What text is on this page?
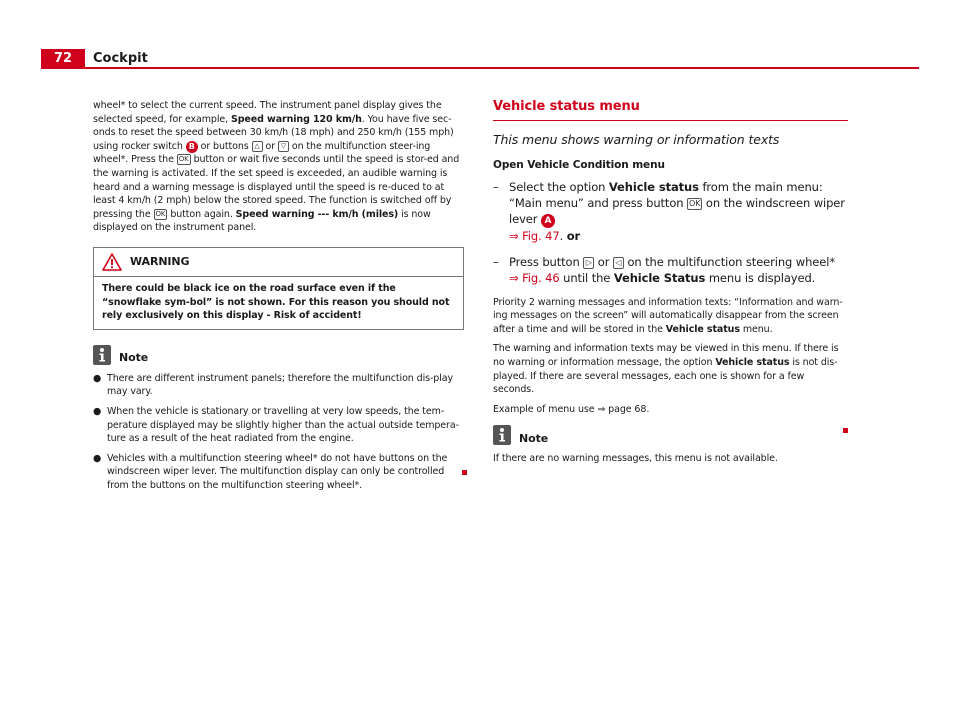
72	Cockpit

wheel* to select the current speed. The instrument panel display gives the selected speed, for example, Speed warning 120 km/h. You have five sec-onds to reset the speed between 30 km/h (18 mph) and 250 km/h (155 mph) using rocker switch B or buttons △ or ▽ on the multifunction steer-ing wheel*. Press the OK button or wait five seconds until the speed is stor-ed and the warning is activated. If the set speed is exceeded, an audible warning is heard and a warning message is displayed until the speed is re-duced to at least 4 km/h (2 mph) below the stored speed. The function is switched off by pressing the OK button again. Speed warning --- km/h (miles) is now displayed on the instrument panel.

WARNING
There could be black ice on the road surface even if the “snowflake sym-bol” is not shown. For this reason you should not rely exclusively on this display - Risk of accident!
Note
● There are different instrument panels; therefore the multifunction dis-play may vary.
● When the vehicle is stationary or travelling at very low speeds, the tem-perature displayed may be slightly higher than the actual outside tempera-ture as a result of the heat radiated from the engine.
● Vehicles with a multifunction steering wheel* do not have buttons on the windscreen wiper lever. The multifunction display can only be controlled from the buttons on the multifunction steering wheel*.
Vehicle status menu
This menu shows warning or information texts
Open Vehicle Condition menu
– Select the option Vehicle status from the main menu: “Main menu” and press button OK on the windscreen wiper lever A
⇒ Fig. 47. or
– Press button ▷ or ◁ on the multifunction steering wheel* ⇒ Fig. 46 until the Vehicle Status menu is displayed.

Priority 2 warning messages and information texts: “Information and warn-ing messages on the screen” will automatically disappear from the screen after a time and will be stored in the Vehicle status menu.

The warning and information texts may be viewed in this menu. If there is no warning or information message, the option Vehicle status is not dis-played. If there are several messages, each one is shown for a few seconds.

Example of menu use ⇒ page 68.

Note

If there are no warning messages, this menu is not available.
